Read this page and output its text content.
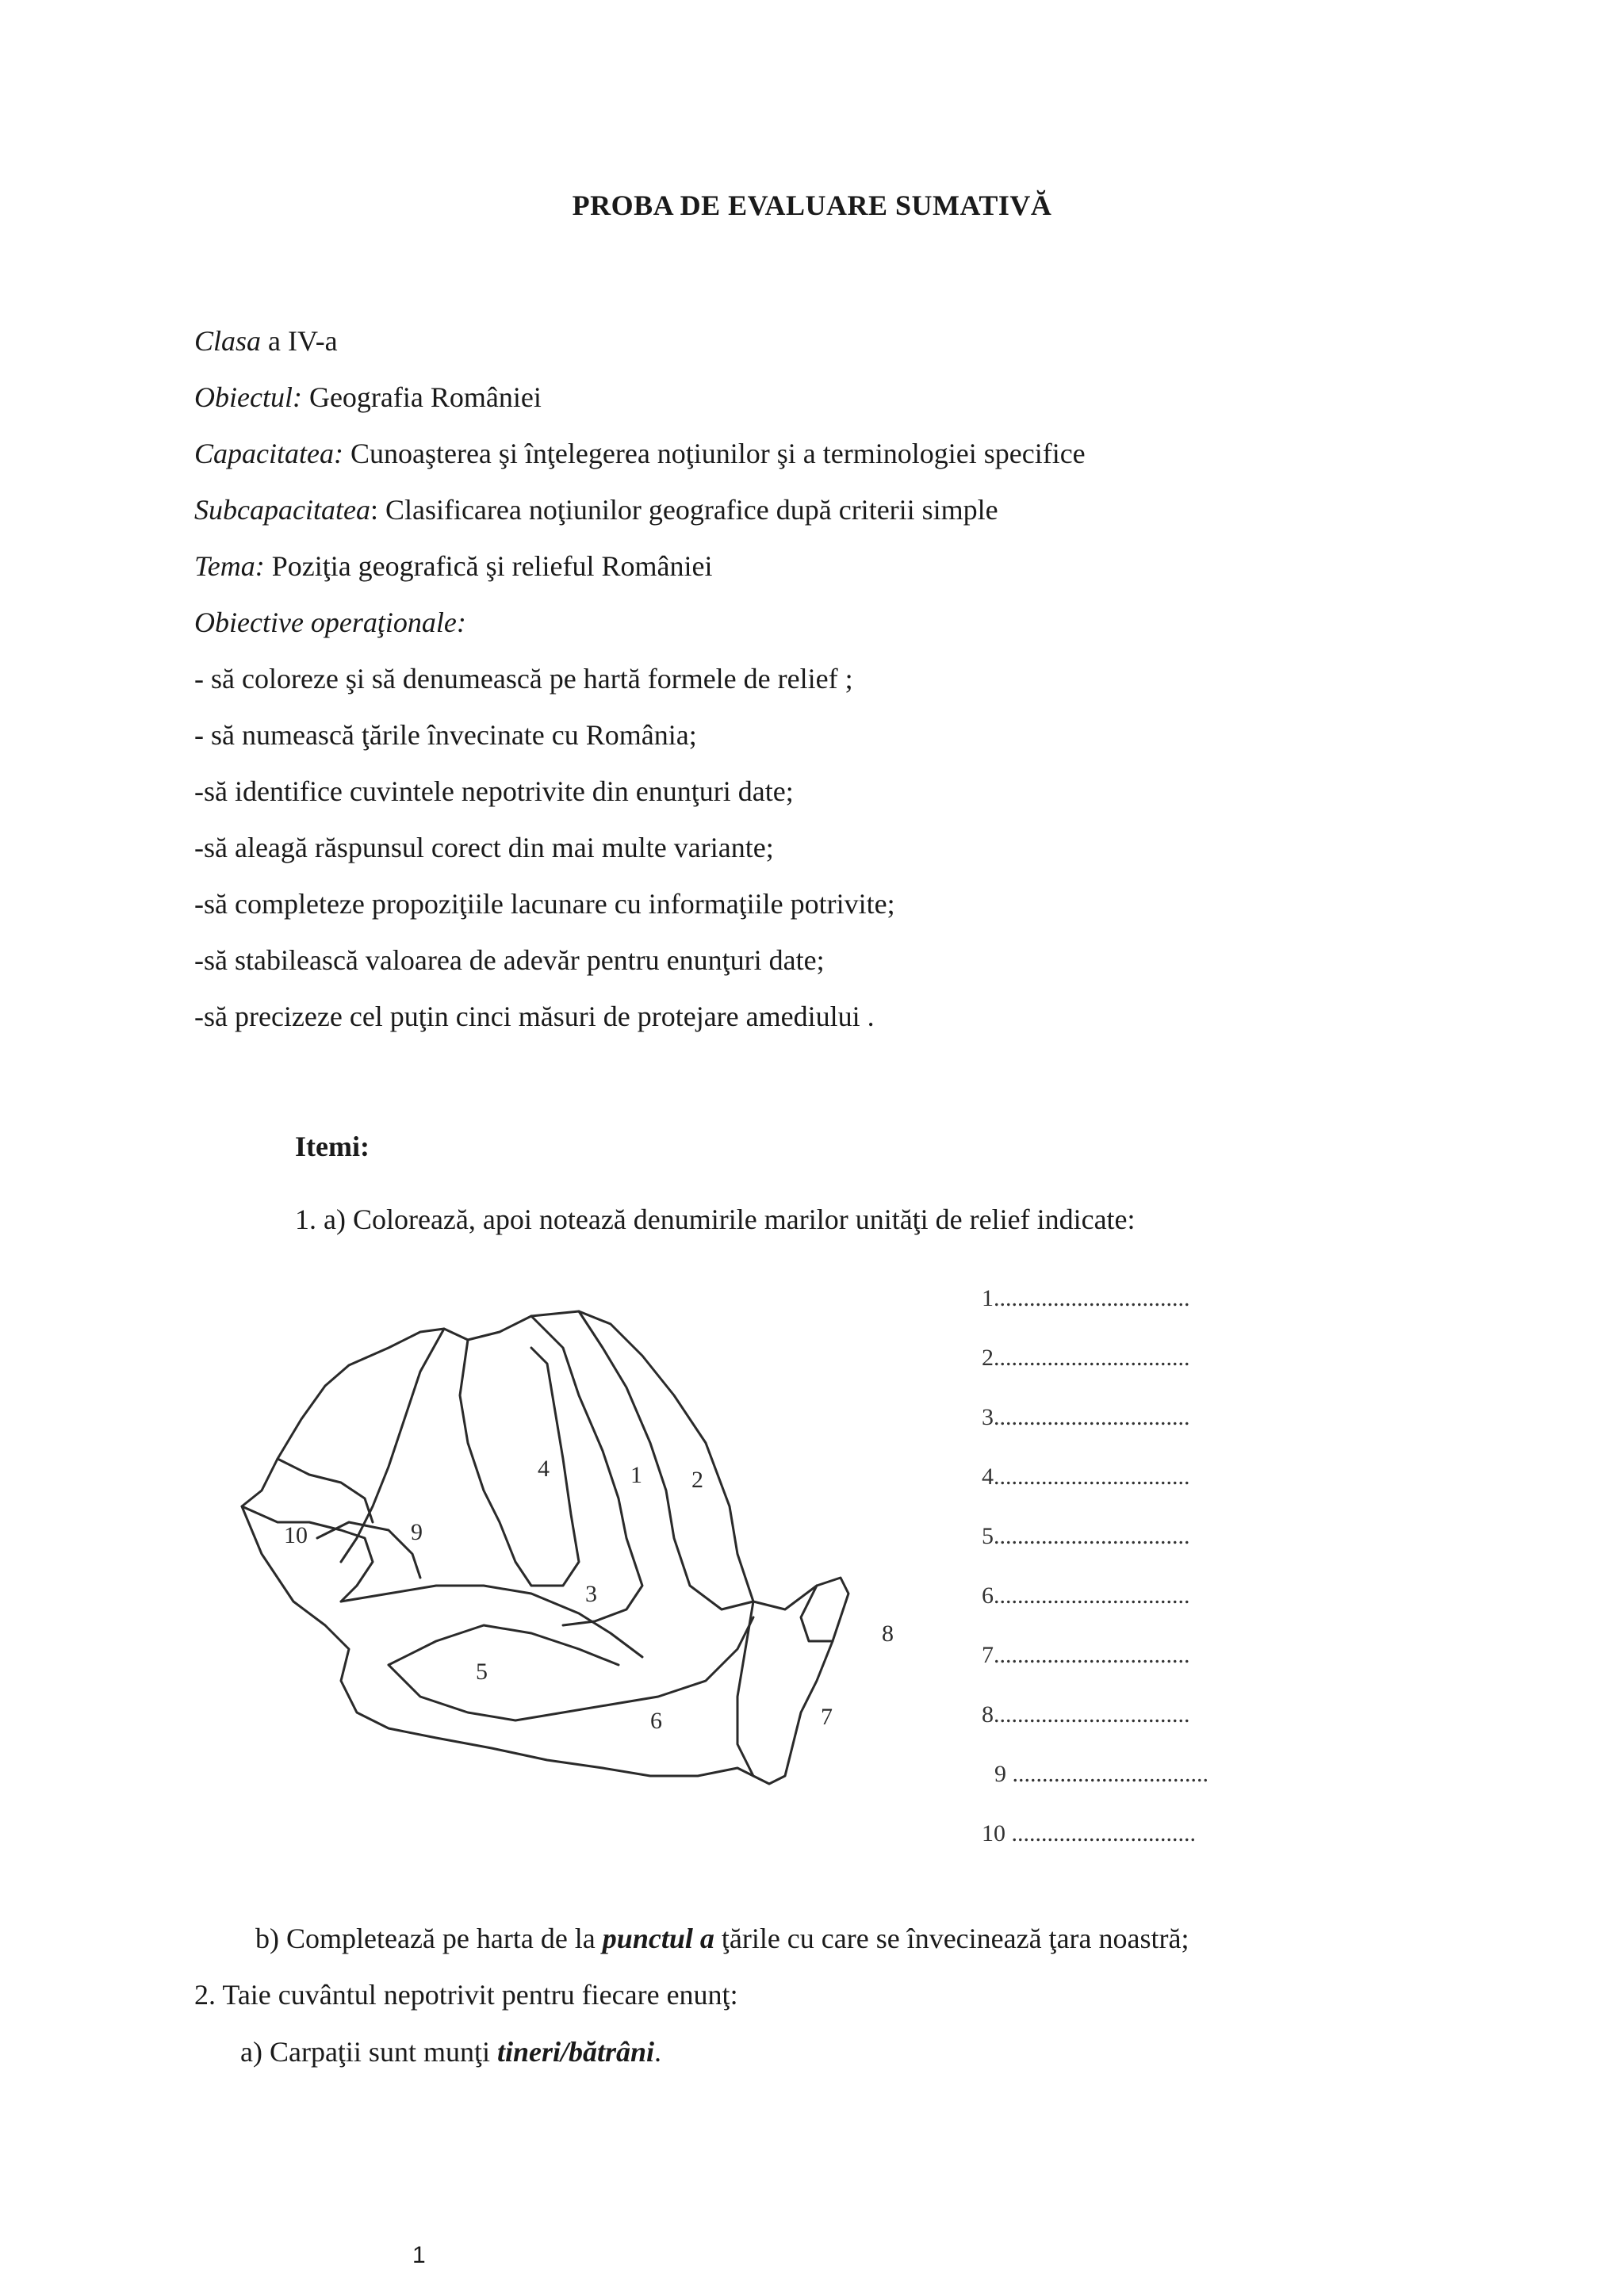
PROBA DE EVALUARE SUMATIVĂ
Clasa a IV-a
Obiectul: Geografia României
Capacitatea: Cunoaşterea şi înţelegerea noţiunilor şi a terminologiei specifice
Subcapacitatea: Clasificarea noţiunilor geografice după criterii simple
Tema: Poziţia geografică şi relieful României
Obiective operaţionale:
- să coloreze şi să denumească pe hartă formele de relief ;
- să numească ţările învecinate cu România;
-să identifice cuvintele nepotrivite din enunţuri date;
-să aleagă răspunsul corect din mai multe variante;
-să completeze propoziţiile lacunare cu informaţiile potrivite;
-să stabilească valoarea de adevăr pentru enunţuri date;
-să precizeze cel puţin cinci măsuri de protejare amediului .
Itemi:
1. a) Colorează, apoi notează denumirile marilor unităţi de relief indicate:
1 2
3
4
5
6	7
8
9
10
1.................................
2.................................
3.................................
4.................................
5.................................
6.................................
7.................................
8.................................
9 .................................
10 ...............................
b) Completează pe harta de la punctul a ţările cu care se învecinează ţara noastră;
2. Taie cuvântul nepotrivit pentru fiecare enunţ:
a) Carpaţii sunt munţi tineri/bătrâni.
1
